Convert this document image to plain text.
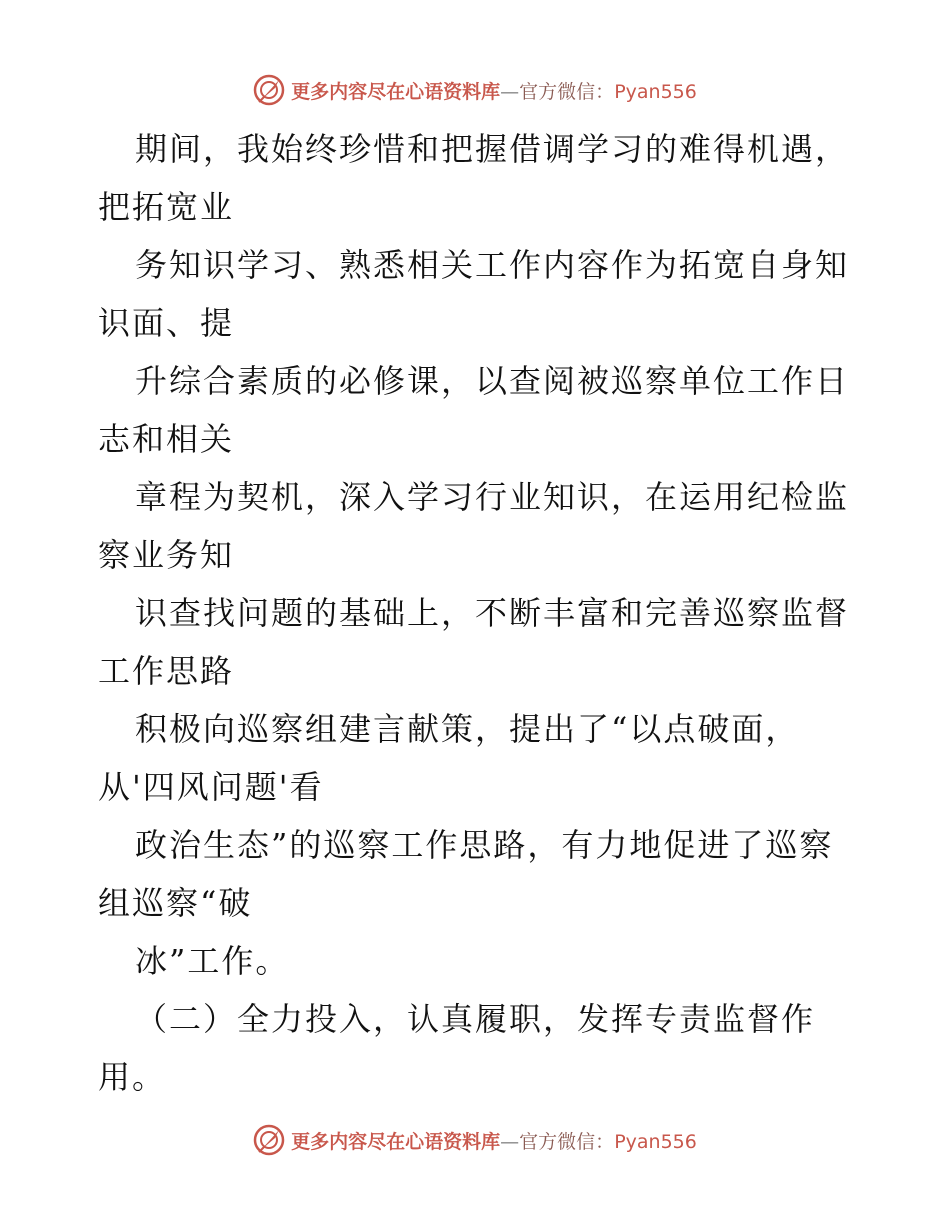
更多内容尽在心语资料库—官方微信：Pyan556
期间，我始终珍惜和把握借调学习的难得机遇，
把拓宽业
务知识学习、熟悉相关工作内容作为拓宽自身知
识面、提
升综合素质的必修课，以查阅被巡察单位工作日
志和相关
章程为契机，深入学习行业知识，在运用纪检监
察业务知
识查找问题的基础上，不断丰富和完善巡察监督
工作思路
积极向巡察组建言献策，提出了“以点破面，
从'四风问题'看
政治生态”的巡察工作思路，有力地促进了巡察
组巡察“破
冰”工作。
（二）全力投入，认真履职，发挥专责监督作
用。
更多内容尽在心语资料库—官方微信：Pyan556
